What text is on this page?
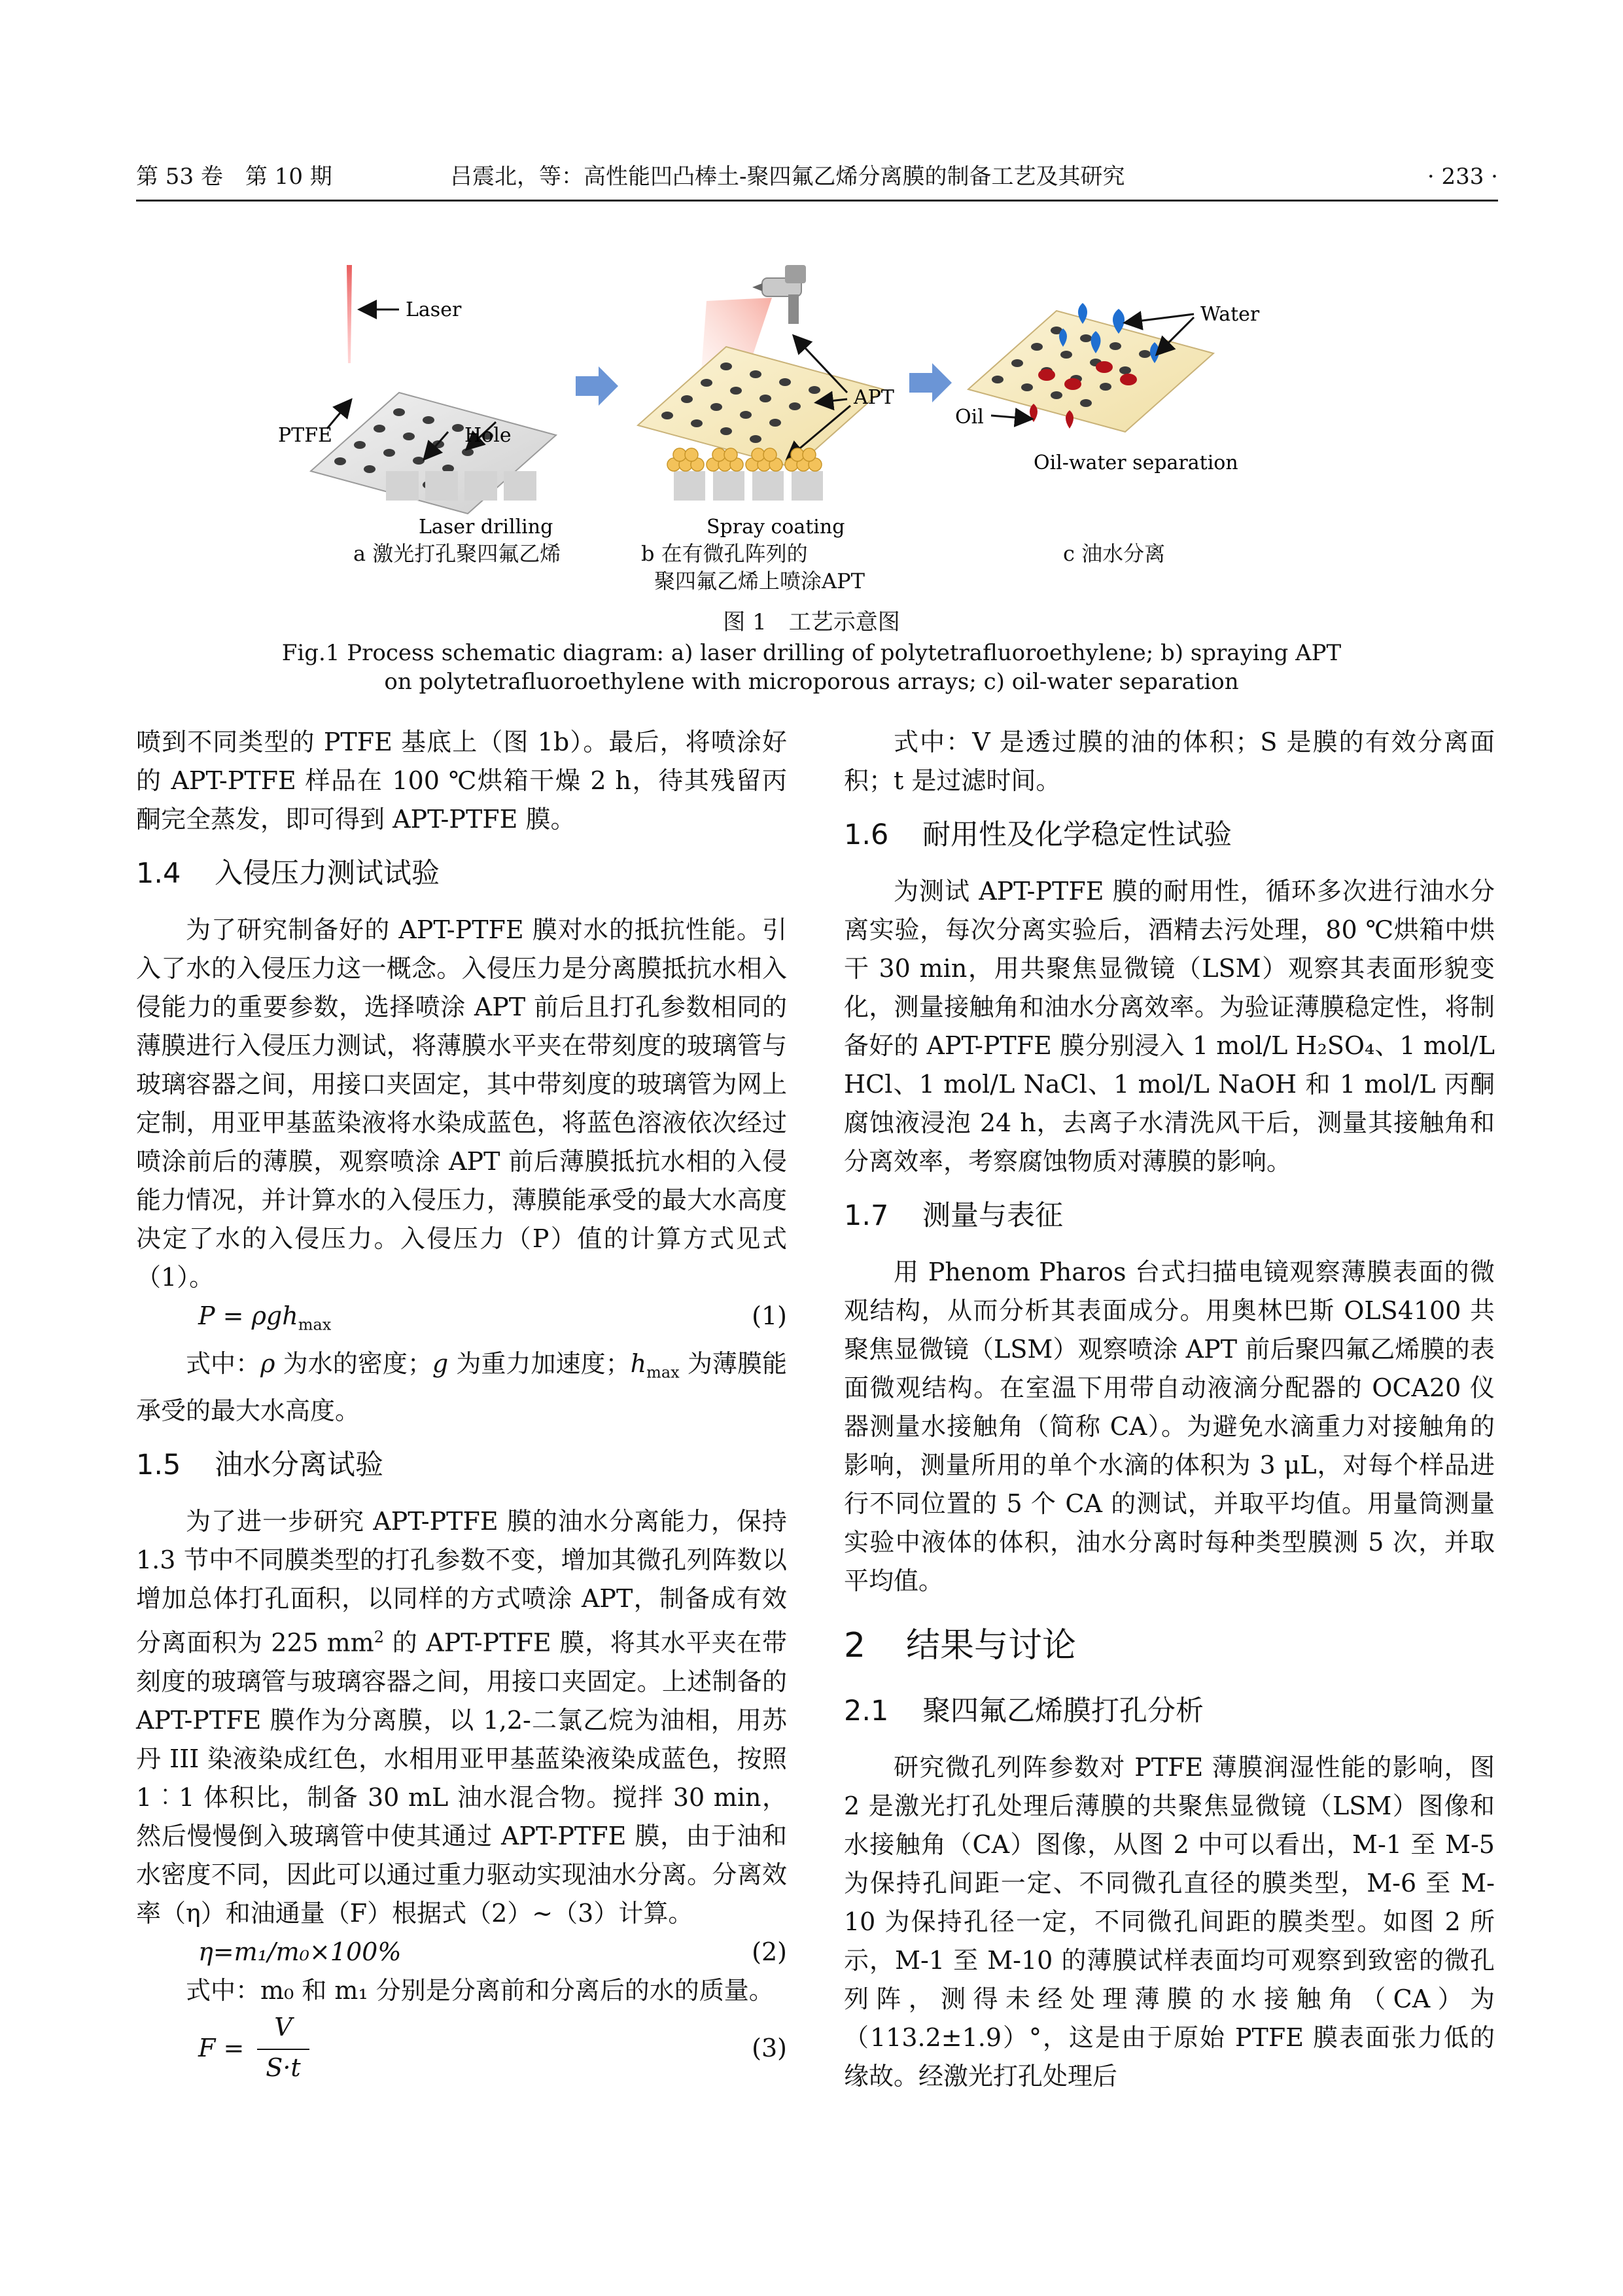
第 53 卷　第 10 期	吕震北，等：高性能凹凸棒土-聚四氟乙烯分离膜的制备工艺及其研究	· 233 ·
Laser
PTFE	Hole
Laser drilling
APT
Spray coating
Water
Oil
Oil-water separation
a 激光打孔聚四氟乙烯	b 在有微孔阵列的
聚四氟乙烯上喷涂APT
c 油水分离
图 1　工艺示意图
Fig.1 Process schematic diagram: a) laser drilling of polytetrafluoroethylene; b) spraying APT
on polytetrafluoroethylene with microporous arrays; c) oil-water separation

喷到不同类型的 PTFE 基底上（图 1b）。最后，将喷涂好的 APT-PTFE 样品在 100 ℃烘箱干燥 2 h，待其残留丙酮完全蒸发，即可得到 APT-PTFE 膜。

1.4 入侵压力测试试验

为了研究制备好的 APT-PTFE 膜对水的抵抗性能。引入了水的入侵压力这一概念。入侵压力是分离膜抵抗水相入侵能力的重要参数，选择喷涂 APT 前后且打孔参数相同的薄膜进行入侵压力测试，将薄膜水平夹在带刻度的玻璃管与玻璃容器之间，用接口夹固定，其中带刻度的玻璃管为网上定制，用亚甲基蓝染液将水染成蓝色，将蓝色溶液依次经过喷涂前后的薄膜，观察喷涂 APT 前后薄膜抵抗水相的入侵能力情况，并计算水的入侵压力，薄膜能承受的最大水高度决定了水的入侵压力。入侵压力（P）值的计算方式见式（1）。

P = ρgh$_{max}$	(1)

式中：ρ 为水的密度；g 为重力加速度；$h_{max}$ 为薄膜能承受的最大水高度。

1.5 油水分离试验

为了进一步研究 APT-PTFE 膜的油水分离能力，保持 1.3 节中不同膜类型的打孔参数不变，增加其微孔列阵数以增加总体打孔面积，以同样的方式喷涂 APT，制备成有效分离面积为 225 $mm^2$ 的 APT-PTFE 膜，将其水平夹在带刻度的玻璃管与玻璃容器之间，用接口夹固定。上述制备的 APT-PTFE 膜作为分离膜，以 1,2-二氯乙烷为油相，用苏丹 III 染液染成红色，水相用亚甲基蓝染液染成蓝色，按照 1︰1 体积比，制备 30 mL 油水混合物。搅拌 30 min，然后慢慢倒入玻璃管中使其通过 APT-PTFE 膜，由于油和水密度不同，因此可以通过重力驱动实现油水分离。分离效率（η）和油通量（F）根据式（2）~（3）计算。

η=m₁/m₀×100%	(2)

式中：m₀ 和 m₁ 分别是分离前和分离后的水的质量。

F =
V
S·t
(3)

式中：V 是透过膜的油的体积；S 是膜的有效分离面积；t 是过滤时间。

1.6 耐用性及化学稳定性试验

为测试 APT-PTFE 膜的耐用性，循环多次进行油水分离实验，每次分离实验后，酒精去污处理，80 ℃烘箱中烘干 30 min，用共聚焦显微镜（LSM）观察其表面形貌变化，测量接触角和油水分离效率。为验证薄膜稳定性，将制备好的 APT-PTFE 膜分别浸入 1 mol/L H₂SO₄、1 mol/L HCl、1 mol/L NaCl、1 mol/L NaOH 和 1 mol/L 丙酮腐蚀液浸泡 24 h，去离子水清洗风干后，测量其接触角和分离效率，考察腐蚀物质对薄膜的影响。

1.7 测量与表征

用 Phenom Pharos 台式扫描电镜观察薄膜表面的微观结构，从而分析其表面成分。用奥林巴斯 OLS4100 共聚焦显微镜（LSM）观察喷涂 APT 前后聚四氟乙烯膜的表面微观结构。在室温下用带自动液滴分配器的 OCA20 仪器测量水接触角（简称 CA）。为避免水滴重力对接触角的影响，测量所用的单个水滴的体积为 3 μL，对每个样品进行不同位置的 5 个 CA 的测试，并取平均值。用量筒测量实验中液体的体积，油水分离时每种类型膜测 5 次，并取平均值。

2 结果与讨论
2.1 聚四氟乙烯膜打孔分析

研究微孔列阵参数对 PTFE 薄膜润湿性能的影响，图 2 是激光打孔处理后薄膜的共聚焦显微镜（LSM）图像和水接触角（CA）图像，从图 2 中可以看出，M-1 至 M-5 为保持孔间距一定、不同微孔直径的膜类型，M-6 至 M-10 为保持孔径一定，不同微孔间距的膜类型。如图 2 所示，M-1 至 M-10 的薄膜试样表面均可观察到致密的微孔列阵，测得未经处理薄膜的水接触角（CA）为（113.2±1.9）°，这是由于原始 PTFE 膜表面张力低的缘故。经激光打孔处理后
